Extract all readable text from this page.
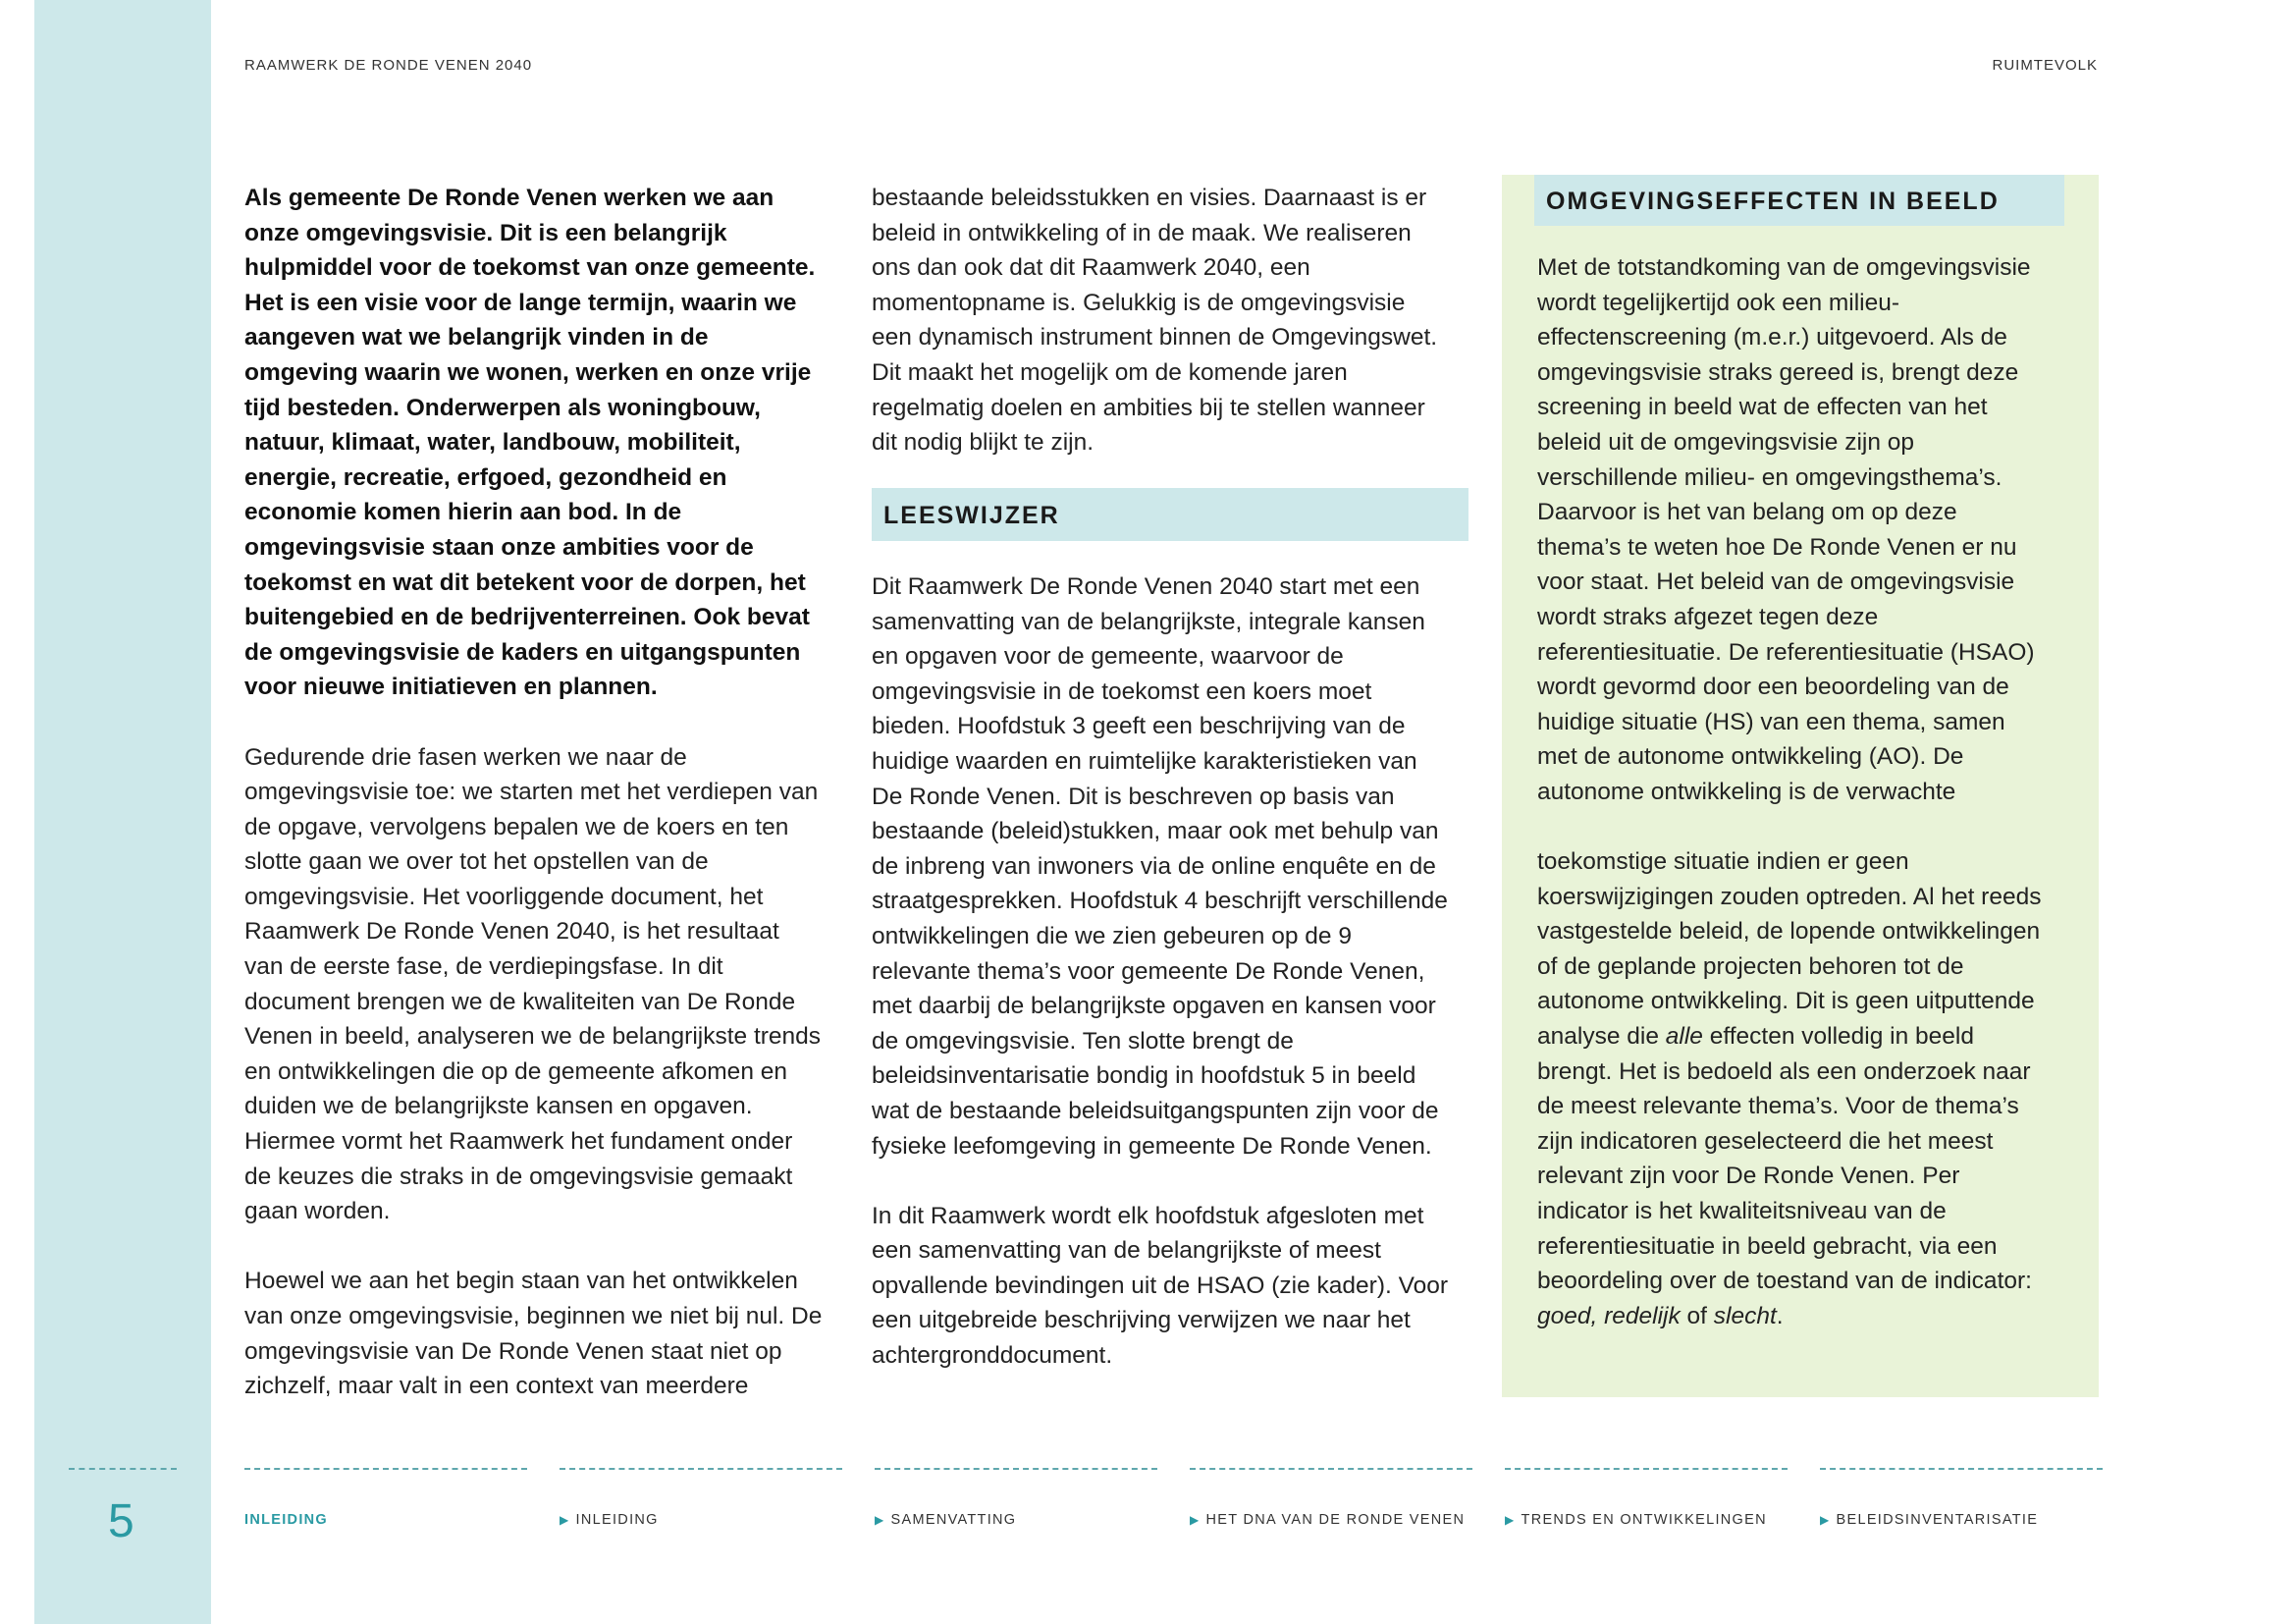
5
RAAMWERK DE RONDE VENEN 2040	RUIMTEVOLK

Als gemeente De Ronde Venen werken we aan
onze omgevingsvisie. Dit is een belangrijk
hulpmiddel voor de toekomst van onze gemeente.
Het is een visie voor de lange termijn, waarin we
aangeven wat we belangrijk vinden in de
omgeving waarin we wonen, werken en onze vrije
tijd besteden. Onderwerpen als woningbouw,
natuur, klimaat, water, landbouw, mobiliteit,
energie, recreatie, erfgoed, gezondheid en
economie komen hierin aan bod. In de
omgevingsvisie staan onze ambities voor de
toekomst en wat dit betekent voor de dorpen, het
buitengebied en de bedrijventerreinen. Ook bevat
de omgevingsvisie de kaders en uitgangspunten
voor nieuwe initiatieven en plannen.

Gedurende drie fasen werken we naar de
omgevingsvisie toe: we starten met het verdiepen van
de opgave, vervolgens bepalen we de koers en ten
slotte gaan we over tot het opstellen van de
omgevingsvisie. Het voorliggende document, het
Raamwerk De Ronde Venen 2040, is het resultaat
van de eerste fase, de verdiepingsfase. In dit
document brengen we de kwaliteiten van De Ronde
Venen in beeld, analyseren we de belangrijkste trends
en ontwikkelingen die op de gemeente afkomen en
duiden we de belangrijkste kansen en opgaven.
Hiermee vormt het Raamwerk het fundament onder
de keuzes die straks in de omgevingsvisie gemaakt
gaan worden.

Hoewel we aan het begin staan van het ontwikkelen
van onze omgevingsvisie, beginnen we niet bij nul. De
omgevingsvisie van De Ronde Venen staat niet op
zichzelf, maar valt in een context van meerdere

bestaande beleidsstukken en visies. Daarnaast is er
beleid in ontwikkeling of in de maak. We realiseren
ons dan ook dat dit Raamwerk 2040, een
momentopname is. Gelukkig is de omgevingsvisie
een dynamisch instrument binnen de Omgevingswet.
Dit maakt het mogelijk om de komende jaren
regelmatig doelen en ambities bij te stellen wanneer
dit nodig blijkt te zijn.

LEESWIJZER

Dit Raamwerk De Ronde Venen 2040 start met een
samenvatting van de belangrijkste, integrale kansen
en opgaven voor de gemeente, waarvoor de
omgevingsvisie in de toekomst een koers moet
bieden. Hoofdstuk 3 geeft een beschrijving van de
huidige waarden en ruimtelijke karakteristieken van
De Ronde Venen. Dit is beschreven op basis van
bestaande (beleid)stukken, maar ook met behulp van
de inbreng van inwoners via de online enquête en de
straatgesprekken. Hoofdstuk 4 beschrijft verschillende
ontwikkelingen die we zien gebeuren op de 9
relevante thema’s voor gemeente De Ronde Venen,
met daarbij de belangrijkste opgaven en kansen voor
de omgevingsvisie. Ten slotte brengt de
beleidsinventarisatie bondig in hoofdstuk 5 in beeld
wat de bestaande beleidsuitgangspunten zijn voor de
fysieke leefomgeving in gemeente De Ronde Venen.

In dit Raamwerk wordt elk hoofdstuk afgesloten met
een samenvatting van de belangrijkste of meest
opvallende bevindingen uit de HSAO (zie kader). Voor
een uitgebreide beschrijving verwijzen we naar het
achtergronddocument.

OMGEVINGSEFFECTEN IN BEELD

Met de totstandkoming van de omgevingsvisie
wordt tegelijkertijd ook een milieu-
effectenscreening (m.e.r.) uitgevoerd. Als de
omgevingsvisie straks gereed is, brengt deze
screening in beeld wat de effecten van het
beleid uit de omgevingsvisie zijn op
verschillende milieu- en omgevingsthema’s.
Daarvoor is het van belang om op deze
thema’s te weten hoe De Ronde Venen er nu
voor staat. Het beleid van de omgevingsvisie
wordt straks afgezet tegen deze
referentiesituatie. De referentiesituatie (HSAO)
wordt gevormd door een beoordeling van de
huidige situatie (HS) van een thema, samen
met de autonome ontwikkeling (AO). De
autonome ontwikkeling is de verwachte

toekomstige situatie indien er geen
koerswijzigingen zouden optreden. Al het reeds
vastgestelde beleid, de lopende ontwikkelingen
of de geplande projecten behoren tot de
autonome ontwikkeling. Dit is geen uitputtende
analyse die alle effecten volledig in beeld
brengt. Het is bedoeld als een onderzoek naar
de meest relevante thema’s. Voor de thema’s
zijn indicatoren geselecteerd die het meest
relevant zijn voor De Ronde Venen. Per
indicator is het kwaliteitsniveau van de
referentiesituatie in beeld gebracht, via een
beoordeling over de toestand van de indicator:
goed, redelijk of slecht.

INLEIDING	▶ INLEIDING	▶ SAMENVATTING	▶ HET DNA VAN DE RONDE VENEN	▶ TRENDS EN ONTWIKKELINGEN	▶ BELEIDSINVENTARISATIE
